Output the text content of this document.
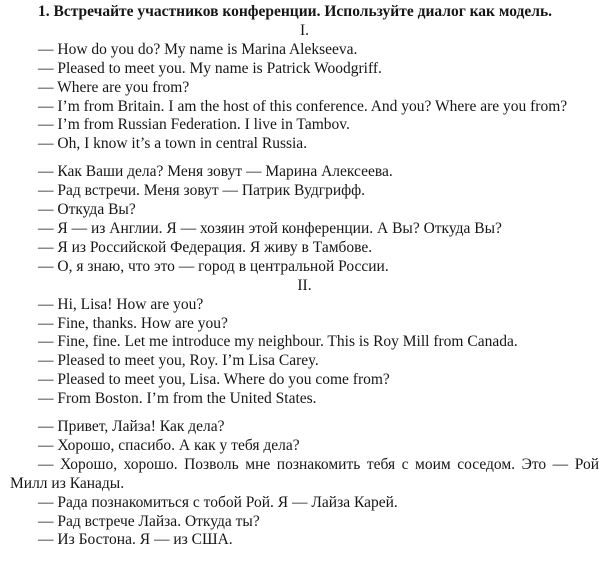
1. Встречайте участников конференции. Используйте диалог как модель.

I.

— How do you do? My name is Marina Alekseeva.

— Pleased to meet you. My name is Patrick Woodgriff.

— Where are you from?

— I’m from Britain. I am the host of this conference. And you? Where are you from?

— I’m from Russian Federation. I live in Tambov.

— Oh, I know it’s a town in central Russia.

— Как Ваши дела? Меня зовут — Марина Алексеева.

— Рад встречи. Меня зовут — Патрик Вудгрифф.

— Откуда Вы?

— Я — из Англии. Я — хозяин этой конференции. А Вы? Откуда Вы?

— Я из Российской Федерация. Я живу в Тамбове.

— О, я знаю, что это — город в центральной России.

II.

— Hi, Lisa! How are you?

— Fine, thanks. How are you?

— Fine, fine. Let me introduce my neighbour. This is Roy Mill from Canada.

— Pleased to meet you, Roy. I’m Lisa Carey.

— Pleased to meet you, Lisa. Where do you come from?

— From Boston. I’m from the United States.

— Привет, Лайза! Как дела?

— Хорошо, спасибо. А как у тебя дела?

— Хорошо, хорошо. Позволь мне познакомить тебя с моим соседом. Это — Рой Милл из Канады.

— Рада познакомиться с тобой Рой. Я — Лайза Карей.

— Рад встрече Лайза. Откуда ты?

— Из Бостона. Я — из США.
